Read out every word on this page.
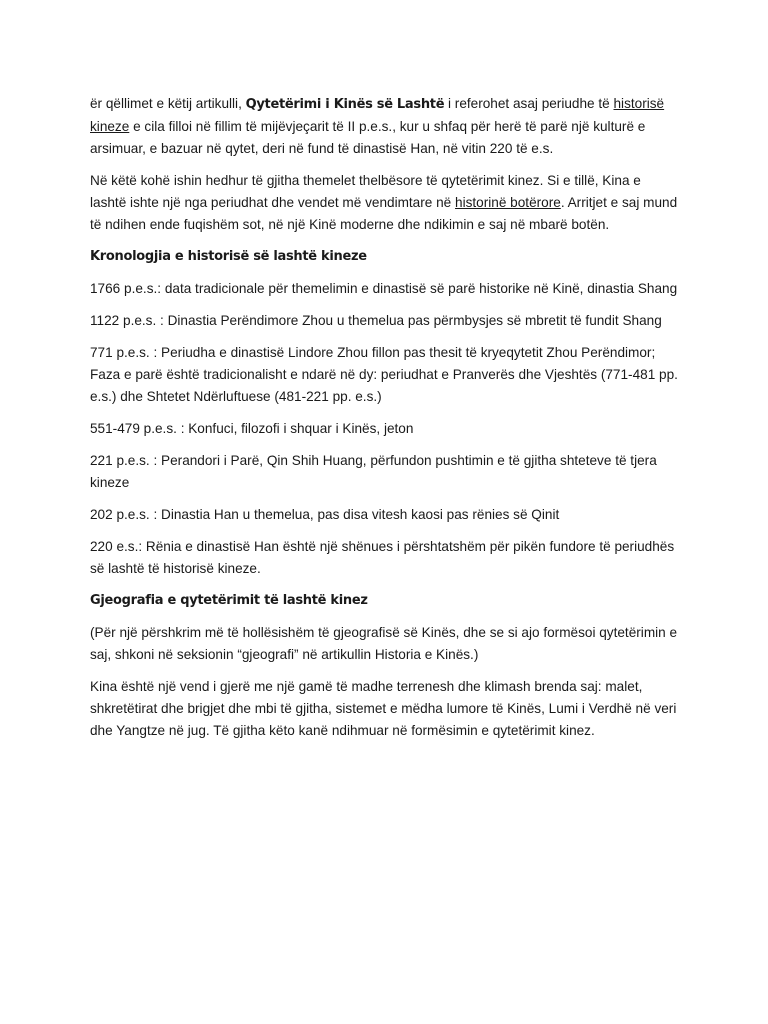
ër qëllimet e këtij artikulli, Qytetërimi i Kinës së Lashtë i referohet asaj periudhe të historisë kineze e cila filloi në fillim të mijëvjeçarit të II p.e.s., kur u shfaq për herë të parë një kulturë e arsimuar, e bazuar në qytet, deri në fund të dinastisë Han, në vitin 220 të e.s.

Në këtë kohë ishin hedhur të gjitha themelet thelbësore të qytetërimit kinez. Si e tillë, Kina e lashtë ishte një nga periudhat dhe vendet më vendimtare në historinë botërore. Arritjet e saj mund të ndihen ende fuqishëm sot, në një Kinë moderne dhe ndikimin e saj në mbarë botën.

Kronologjia e historisë së lashtë kineze

1766 p.e.s.: data tradicionale për themelimin e dinastisë së parë historike në Kinë, dinastia Shang

1122 p.e.s. : Dinastia Perëndimore Zhou u themelua pas përmbysjes së mbretit të fundit Shang

771 p.e.s. : Periudha e dinastisë Lindore Zhou fillon pas thesit të kryeqytetit Zhou Perëndimor; Faza e parë është tradicionalisht e ndarë në dy: periudhat e Pranverës dhe Vjeshtës (771-481 pp. e.s.) dhe Shtetet Ndërluftuese (481-221 pp. e.s.)

551-479 p.e.s. : Konfuci, filozofi i shquar i Kinës, jeton

221 p.e.s. : Perandori i Parë, Qin Shih Huang, përfundon pushtimin e të gjitha shteteve të tjera kineze

202 p.e.s. : Dinastia Han u themelua, pas disa vitesh kaosi pas rënies së Qinit

220 e.s.: Rënia e dinastisë Han është një shënues i përshtatshëm për pikën fundore të periudhës së lashtë të historisë kineze.

Gjeografia e qytetërimit të lashtë kinez

(Për një përshkrim më të hollësishëm të gjeografisë së Kinës, dhe se si ajo formësoi qytetërimin e saj, shkoni në seksionin “gjeografi” në artikullin Historia e Kinës.)

Kina është një vend i gjerë me një gamë të madhe terrenesh dhe klimash brenda saj: malet, shkretëtirat dhe brigjet dhe mbi të gjitha, sistemet e mëdha lumore të Kinës, Lumi i Verdhë në veri dhe Yangtze në jug. Të gjitha këto kanë ndihmuar në formësimin e qytetërimit kinez.
